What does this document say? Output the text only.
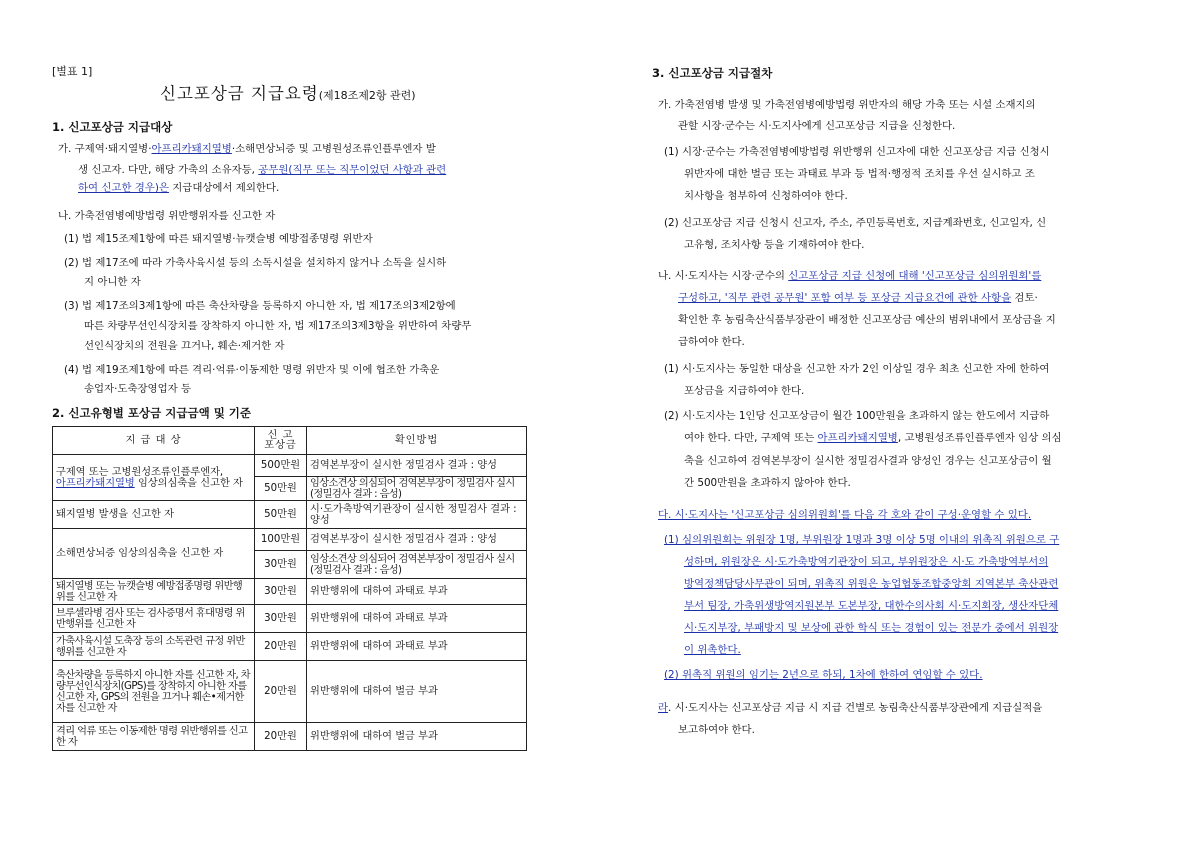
[별표 1]
신고포상금 지급요령(제18조제2항 관련)
1. 신고포상금 지급대상
가. 구제역·돼지열병·아프리카돼지열병·소해면상뇌증 및 고병원성조류인플루엔자 발
생 신고자. 다만, 해당 가축의 소유자등, 공무원(직무 또는 직무이었던 사항과 관련
하여 신고한 경우)은 지급대상에서 제외한다.
나. 가축전염병예방법령 위반행위자를 신고한 자
(1) 법 제15조제1항에 따른 돼지열병·뉴캣슬병 예방접종명령 위반자
(2) 법 제17조에 따라 가축사육시설 등의 소독시설을 설치하지 않거나 소독을 실시하
지 아니한 자
(3) 법 제17조의3제1항에 따른 축산차량을 등록하지 아니한 자, 법 제17조의3제2항에
따른 차량무선인식장치를 장착하지 아니한 자, 법 제17조의3제3항을 위반하여 차량무
선인식장치의 전원을 끄거나, 훼손·제거한 자
(4) 법 제19조제1항에 따른 격리·억류·이동제한 명령 위반자 및 이에 협조한 가축운
송업자·도축장영업자 등
2. 신고유형별 포상금 지급금액 및 기준
지 급 대 상	신 고
포상금	확인방법
구제역 또는 고병원성조류인플루엔자,
아프리카돼지열병 임상의심축을 신고한 자	500만원	검역본부장이 실시한 정밀검사 결과 : 양성
	50만원	임상소견상 의심되어 검역본부장이 정밀검사 실시(정밀검사 결과 : 음성)
돼지열병 발생을 신고한 자	50만원	시·도가축방역기관장이 실시한 정밀검사 결과 : 양성
소해면상뇌증 임상의심축을 신고한 자	100만원	검역본부장이 실시한 정밀검사 결과 : 양성
	30만원	임상소견상 의심되어 검역본부장이 정밀검사 실시(정밀검사 결과 : 음성)
돼지열병 또는 뉴캣슬병 예방접종명령 위반행위를 신고한 자	30만원	위반행위에 대하여 과태료 부과
브루셀라병 검사 또는 검사증명서 휴대명령 위반행위를 신고한 자	30만원	위반행위에 대하여 과태료 부과
가축사육시설 도축장 등의 소독관련 규정 위반행위를 신고한 자	20만원	위반행위에 대하여 과태료 부과
축산차량을 등록하지 아니한 자를 신고한 자, 차량무선인식장치(GPS)를 장착하지 아니한 자를 신고한 자, GPS의 전원을 끄거나 훼손•제거한 자를 신고한 자	20만원	위반행위에 대하여 벌금 부과
격리 억류 또는 이동제한 명령 위반행위를 신고한 자	20만원	위반행위에 대하여 벌금 부과
3. 신고포상금 지급절차
가. 가축전염병 발생 및 가축전염병예방법령 위반자의 해당 가축 또는 시설 소재지의
관할 시장·군수는 시·도지사에게 신고포상금 지급을 신청한다.
(1) 시장·군수는 가축전염병예방법령 위반행위 신고자에 대한 신고포상금 지급 신청시
위반자에 대한 벌금 또는 과태료 부과 등 법적·행정적 조치를 우선 실시하고 조
치사항을 첨부하여 신청하여야 한다.
(2) 신고포상금 지급 신청시 신고자, 주소, 주민등록번호, 지급계좌번호, 신고일자, 신
고유형, 조치사항 등을 기재하여야 한다.
나. 시·도지사는 시장·군수의 신고포상금 지급 신청에 대해 '신고포상금 심의위원회'를
구성하고, '직무 관련 공무원' 포함 여부 등 포상금 지급요건에 관한 사항을 검토·
확인한 후 농림축산식품부장관이 배정한 신고포상금 예산의 범위내에서 포상금을 지
급하여야 한다.
(1) 시·도지사는 동일한 대상을 신고한 자가 2인 이상일 경우 최초 신고한 자에 한하여
포상금을 지급하여야 한다.
(2) 시·도지사는 1인당 신고포상금이 월간 100만원을 초과하지 않는 한도에서 지급하
여야 한다. 다만, 구제역 또는 아프리카돼지열병, 고병원성조류인플루엔자 임상 의심
축을 신고하여 검역본부장이 실시한 정밀검사결과 양성인 경우는 신고포상금이 월
간 500만원을 초과하지 않아야 한다.
다. 시·도지사는 '신고포상금 심의위원회'를 다음 각 호와 같이 구성·운영할 수 있다.
(1) 심의위원회는 위원장 1명, 부위원장 1명과 3명 이상 5명 이내의 위촉직 위원으로 구
성하며, 위원장은 시·도가축방역기관장이 되고, 부위원장은 시·도 가축방역부서의
방역정책담당사무관이 되며, 위촉직 위원은 농업협동조합중앙회 지역본부 축산관련
부서 팀장, 가축위생방역지원본부 도본부장, 대한수의사회 시·도지회장, 생산자단체
시·도지부장, 부패방지 및 보상에 관한 학식 또는 경험이 있는 전문가 중에서 위원장
이 위촉한다.
(2) 위촉직 위원의 임기는 2년으로 하되, 1차에 한하여 연임할 수 있다.
라. 시·도지사는 신고포상금 지급 시 지급 건별로 농림축산식품부장관에게 지급실적을
보고하여야 한다.
